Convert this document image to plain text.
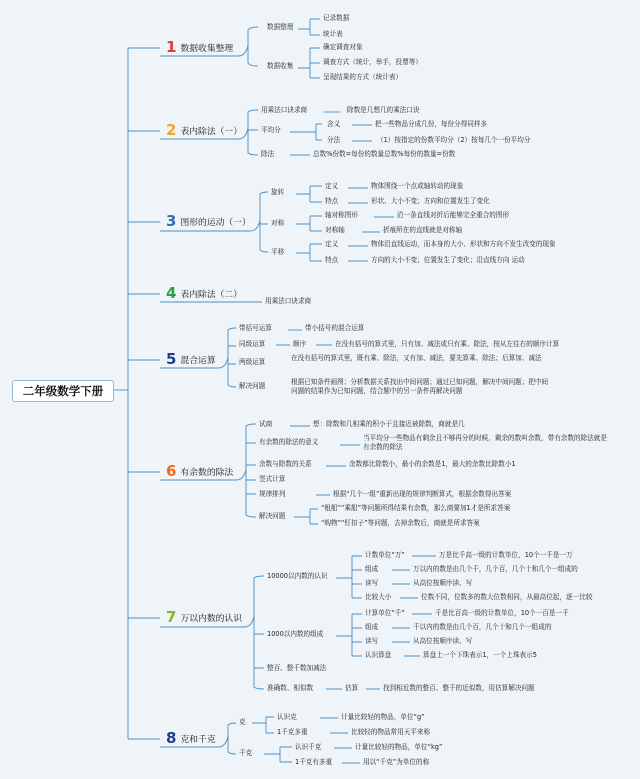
二年级数学下册
1 数据收集整理
2 表内除法（一）
3 图形的运动（一）
4 表内除法（二）
5 混合运算
6 有余数的除法
7 万以内数的认识
8 克和千克
数据整理
记录数据
统计表
数据收集
确定调查对象
调查方式（统计，举手，投票等）
呈现结果的方式（统计表）
用乘法口诀求商	除数是几想几的乘法口诀
平均分
含义	把一些物品分成几份，每份分得同样多
分法	（1）按指定的份数平均分（2）按每几个一份平均分
除法	总数%份数=每份的数量总数%每份的数量=份数
旋转
定义	物体围绕一个点或轴转动的现象
特点	形状、大小不变；方向和位置发生了变化
对称
轴对称图形	沿一条直线对折后能够完全重合的图形
对称轴	折痕所在的直线就是对称轴
平移
定义	物体沿直线运动，而本身的大小、形状和方向不发生改变的现象
特点	方向的大小不变；位置发生了变化；沿直线方向 运动
用乘法口诀求商
带括号运算	带小括号的混合运算
同级运算	顺序	在没有括号的算式里，只有加、减法或只有乘、除法，按从左往右的顺序计算
两级运算	在没有括号的算式里，既有乘、除法，又有加、减法，要先算乘、除法；后算加、减法
解决问题	根据已知条件画图；分析数据关系找出中间问题；通过已知问题，解决中间问题；把中间问题的结果作为已知问题，结合题中的另一条件再解决问题
试商	想：除数和几相乘的积小于且接近被除数，商就是几
有余数的除法的意义	当平均分一些物品有剩余且不够再分的时候，剩余的数叫余数，带有余数的除法就是有余数的除法
余数与除数的关系	余数都比除数小，最小的余数是1，最大的余数比除数小1
竖式计算
规律排列	根据“几个一组”重新出现的规律判断算式，根据余数得出答案
解决问题
“租船”“乘船”等问题所得结果有余数，那么商要加1才是所求答案
“购物”“钉扣子”等问题，去掉余数后，商就是所求答案
10000以内数的认识
计数单位“万”	万是比千高一级的计数单位，10个一千是一万
组成	万以内的数是由几个千，几个百，几个十和几个一组成的
读写	从高位按顺序读、写
比较大小	位数不同，位数多的数大位数相同，从最高位起，逐一比较
1000以内数的组成
计算单位“千”	千是比百高一级的计数单位，10个一百是一千
组成	千以内的数是由几个百，几个十和几个一组成的
读写	从高位按顺序读、写
认识算盘	算盘上一个下珠表示1，一个上珠表示5
整百、整千数加减法
准确数、相似数	估算	找到相近数的整百、整千的近似数，用估算解决问题
克
认识克	计量比较轻的物品，单位“g”
1千克多重	比较轻的物品常用天平来称
千克
认识千克	计量比较轻的物品，单位“kg”
1千克有多重	用以“千克”为单位的称
